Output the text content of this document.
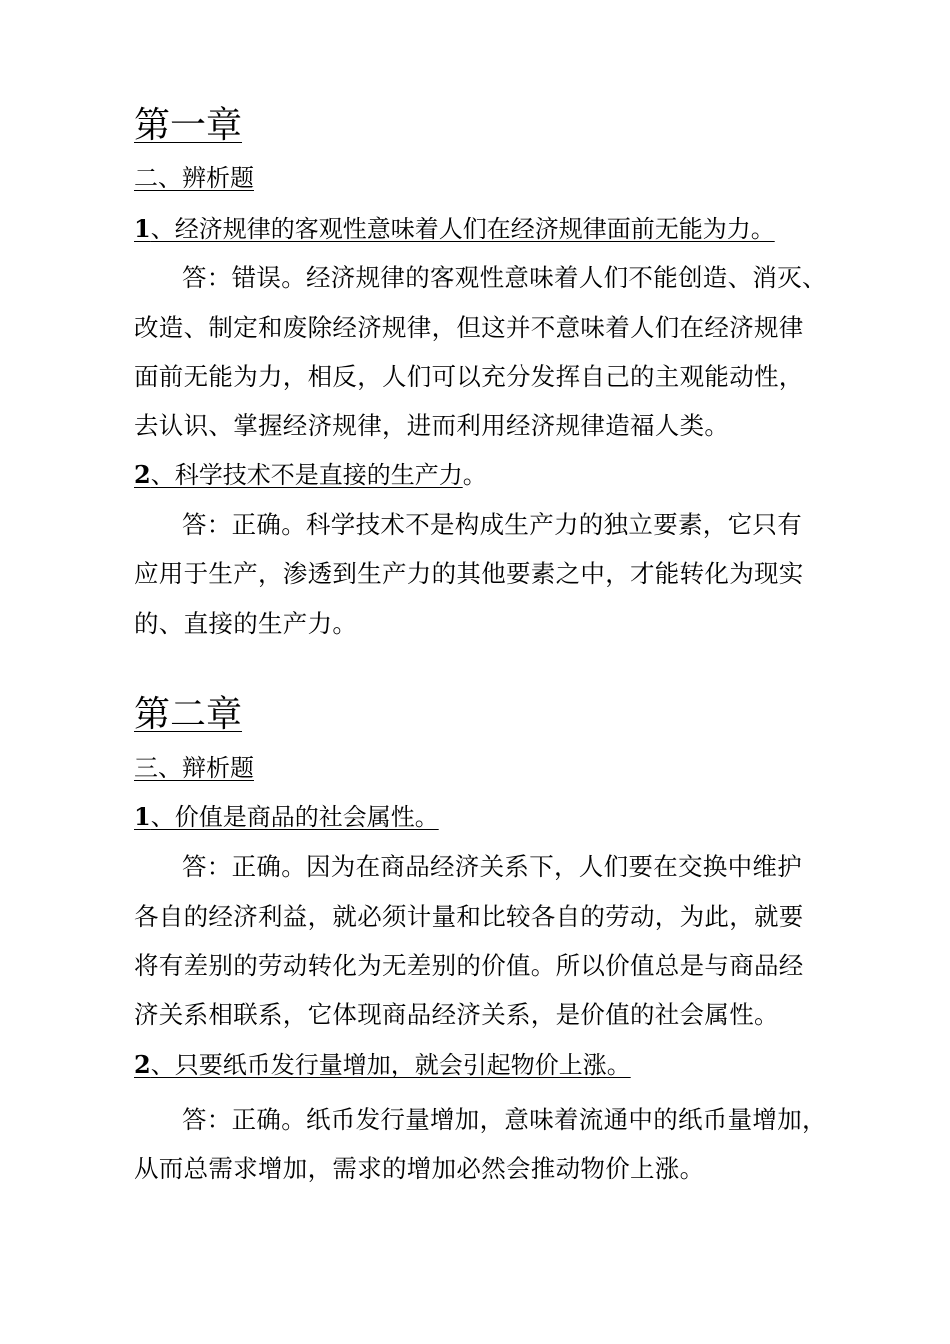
第一章
二、辨析题
1、经济规律的客观性意味着人们在经济规律面前无能为力。
答：错误。经济规律的客观性意味着人们不能创造、消灭、
改造、制定和废除经济规律，但这并不意味着人们在经济规律
面前无能为力，相反，人们可以充分发挥自己的主观能动性，
去认识、掌握经济规律，进而利用经济规律造福人类。
2、科学技术不是直接的生产力。
答：正确。科学技术不是构成生产力的独立要素，它只有
应用于生产，渗透到生产力的其他要素之中，才能转化为现实
的、直接的生产力。
第二章
三、辩析题
1、价值是商品的社会属性。
答：正确。因为在商品经济关系下，人们要在交换中维护
各自的经济利益，就必须计量和比较各自的劳动，为此，就要
将有差别的劳动转化为无差别的价值。所以价值总是与商品经
济关系相联系，它体现商品经济关系，是价值的社会属性。
2、只要纸币发行量增加，就会引起物价上涨。
答：正确。纸币发行量增加，意味着流通中的纸币量增加，
从而总需求增加，需求的增加必然会推动物价上涨。
